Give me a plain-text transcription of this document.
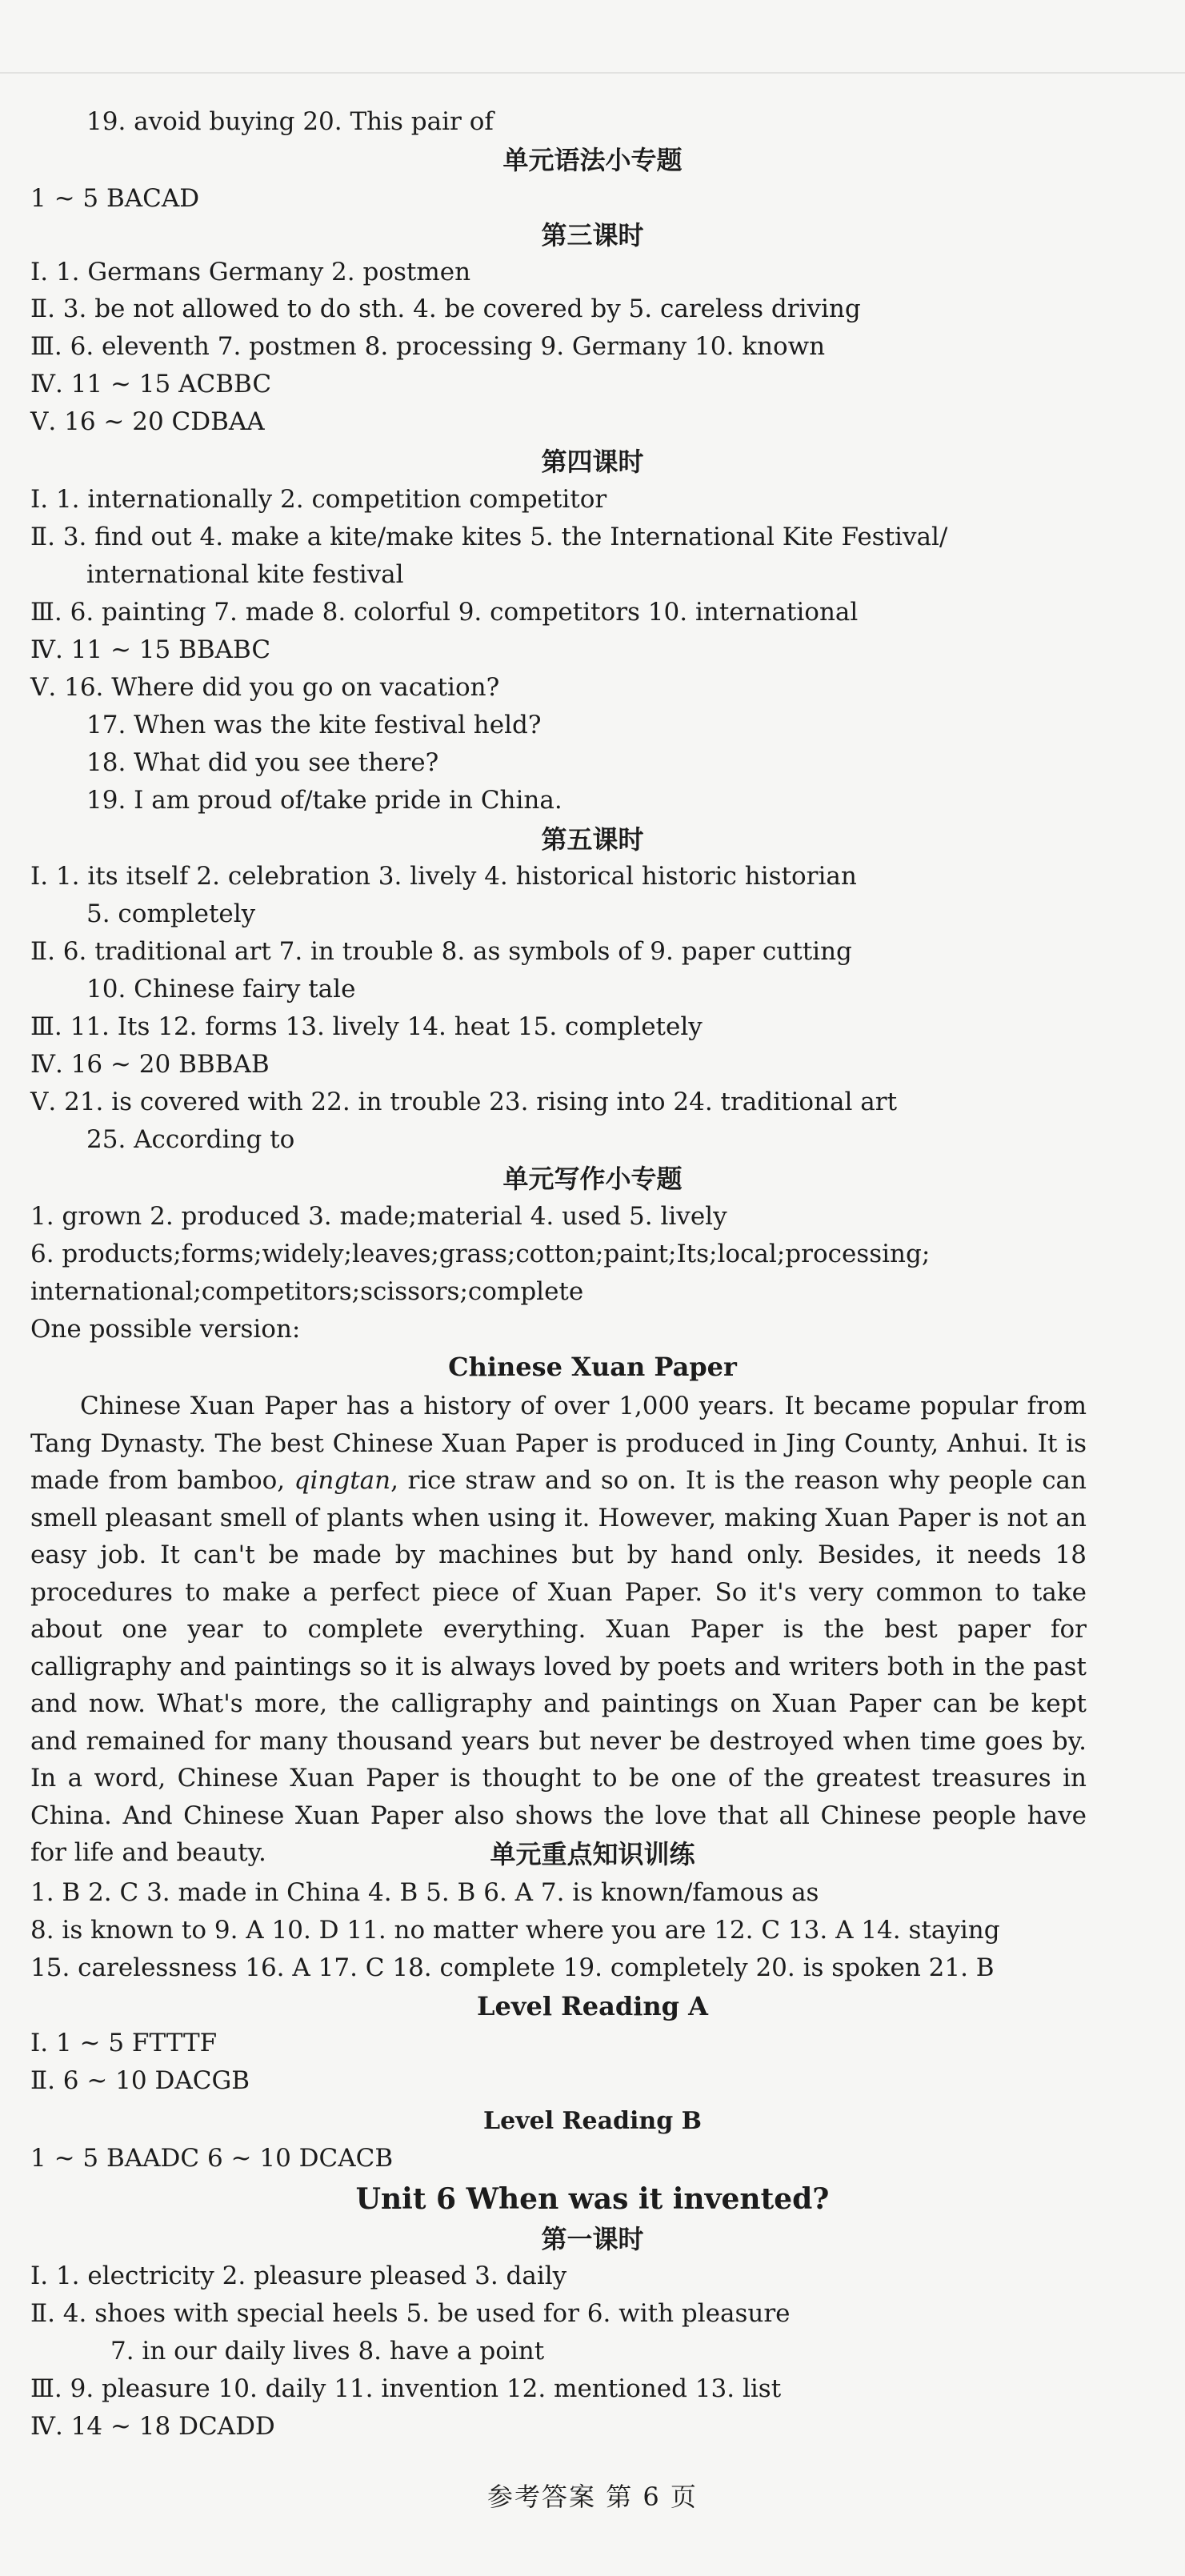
19. avoid buying 20. This pair of
单元语法小专题
1 ~ 5 BACAD
第三课时
Ⅰ. 1. Germans Germany 2. postmen
Ⅱ. 3. be not allowed to do sth. 4. be covered by 5. careless driving
Ⅲ. 6. eleventh 7. postmen 8. processing 9. Germany 10. known
Ⅳ. 11 ~ 15 ACBBC
Ⅴ. 16 ~ 20 CDBAA
第四课时
Ⅰ. 1. internationally 2. competition competitor
Ⅱ. 3. find out 4. make a kite/make kites 5. the International Kite Festival/
international kite festival
Ⅲ. 6. painting 7. made 8. colorful 9. competitors 10. international
Ⅳ. 11 ~ 15 BBABC
Ⅴ. 16. Where did you go on vacation?
17. When was the kite festival held?
18. What did you see there?
19. I am proud of/take pride in China.
第五课时
Ⅰ. 1. its itself 2. celebration 3. lively 4. historical historic historian
5. completely
Ⅱ. 6. traditional art 7. in trouble 8. as symbols of 9. paper cutting
10. Chinese fairy tale
Ⅲ. 11. Its 12. forms 13. lively 14. heat 15. completely
Ⅳ. 16 ~ 20 BBBAB
Ⅴ. 21. is covered with 22. in trouble 23. rising into 24. traditional art
25. According to
单元写作小专题
1. grown 2. produced 3. made;material 4. used 5. lively
6. products;forms;widely;leaves;grass;cotton;paint;Its;local;processing;
international;competitors;scissors;complete
One possible version:
Chinese Xuan Paper
Chinese Xuan Paper has a history of over 1,000 years. It became popular from Tang Dynasty. The best Chinese Xuan Paper is produced in Jing County, Anhui. It is made from bamboo, qingtan, rice straw and so on. It is the reason why people can smell pleasant smell of plants when using it. However, making Xuan Paper is not an easy job. It can't be made by machines but by hand only. Besides, it needs 18 procedures to make a perfect piece of Xuan Paper. So it's very common to take about one year to complete everything. Xuan Paper is the best paper for calligraphy and paintings so it is always loved by poets and writers both in the past and now. What's more, the calligraphy and paintings on Xuan Paper can be kept and remained for many thousand years but never be destroyed when time goes by. In a word, Chinese Xuan Paper is thought to be one of the greatest treasures in China. And Chinese Xuan Paper also shows the love that all Chinese people have for life and beauty.	单元重点知识训练
1. B 2. C 3. made in China 4. B 5. B 6. A 7. is known/famous as
8. is known to 9. A 10. D 11. no matter where you are 12. C 13. A 14. staying
15. carelessness 16. A 17. C 18. complete 19. completely 20. is spoken 21. B
Level Reading A
Ⅰ. 1 ~ 5 FTTTF
Ⅱ. 6 ~ 10 DACGB
Level Reading B
1 ~ 5 BAADC 6 ~ 10 DCACB
Unit 6 When was it invented?
第一课时
Ⅰ. 1. electricity 2. pleasure pleased 3. daily
Ⅱ. 4. shoes with special heels 5. be used for 6. with pleasure
7. in our daily lives 8. have a point
Ⅲ. 9. pleasure 10. daily 11. invention 12. mentioned 13. list
Ⅳ. 14 ~ 18 DCADD
参考答案 第 6 页
